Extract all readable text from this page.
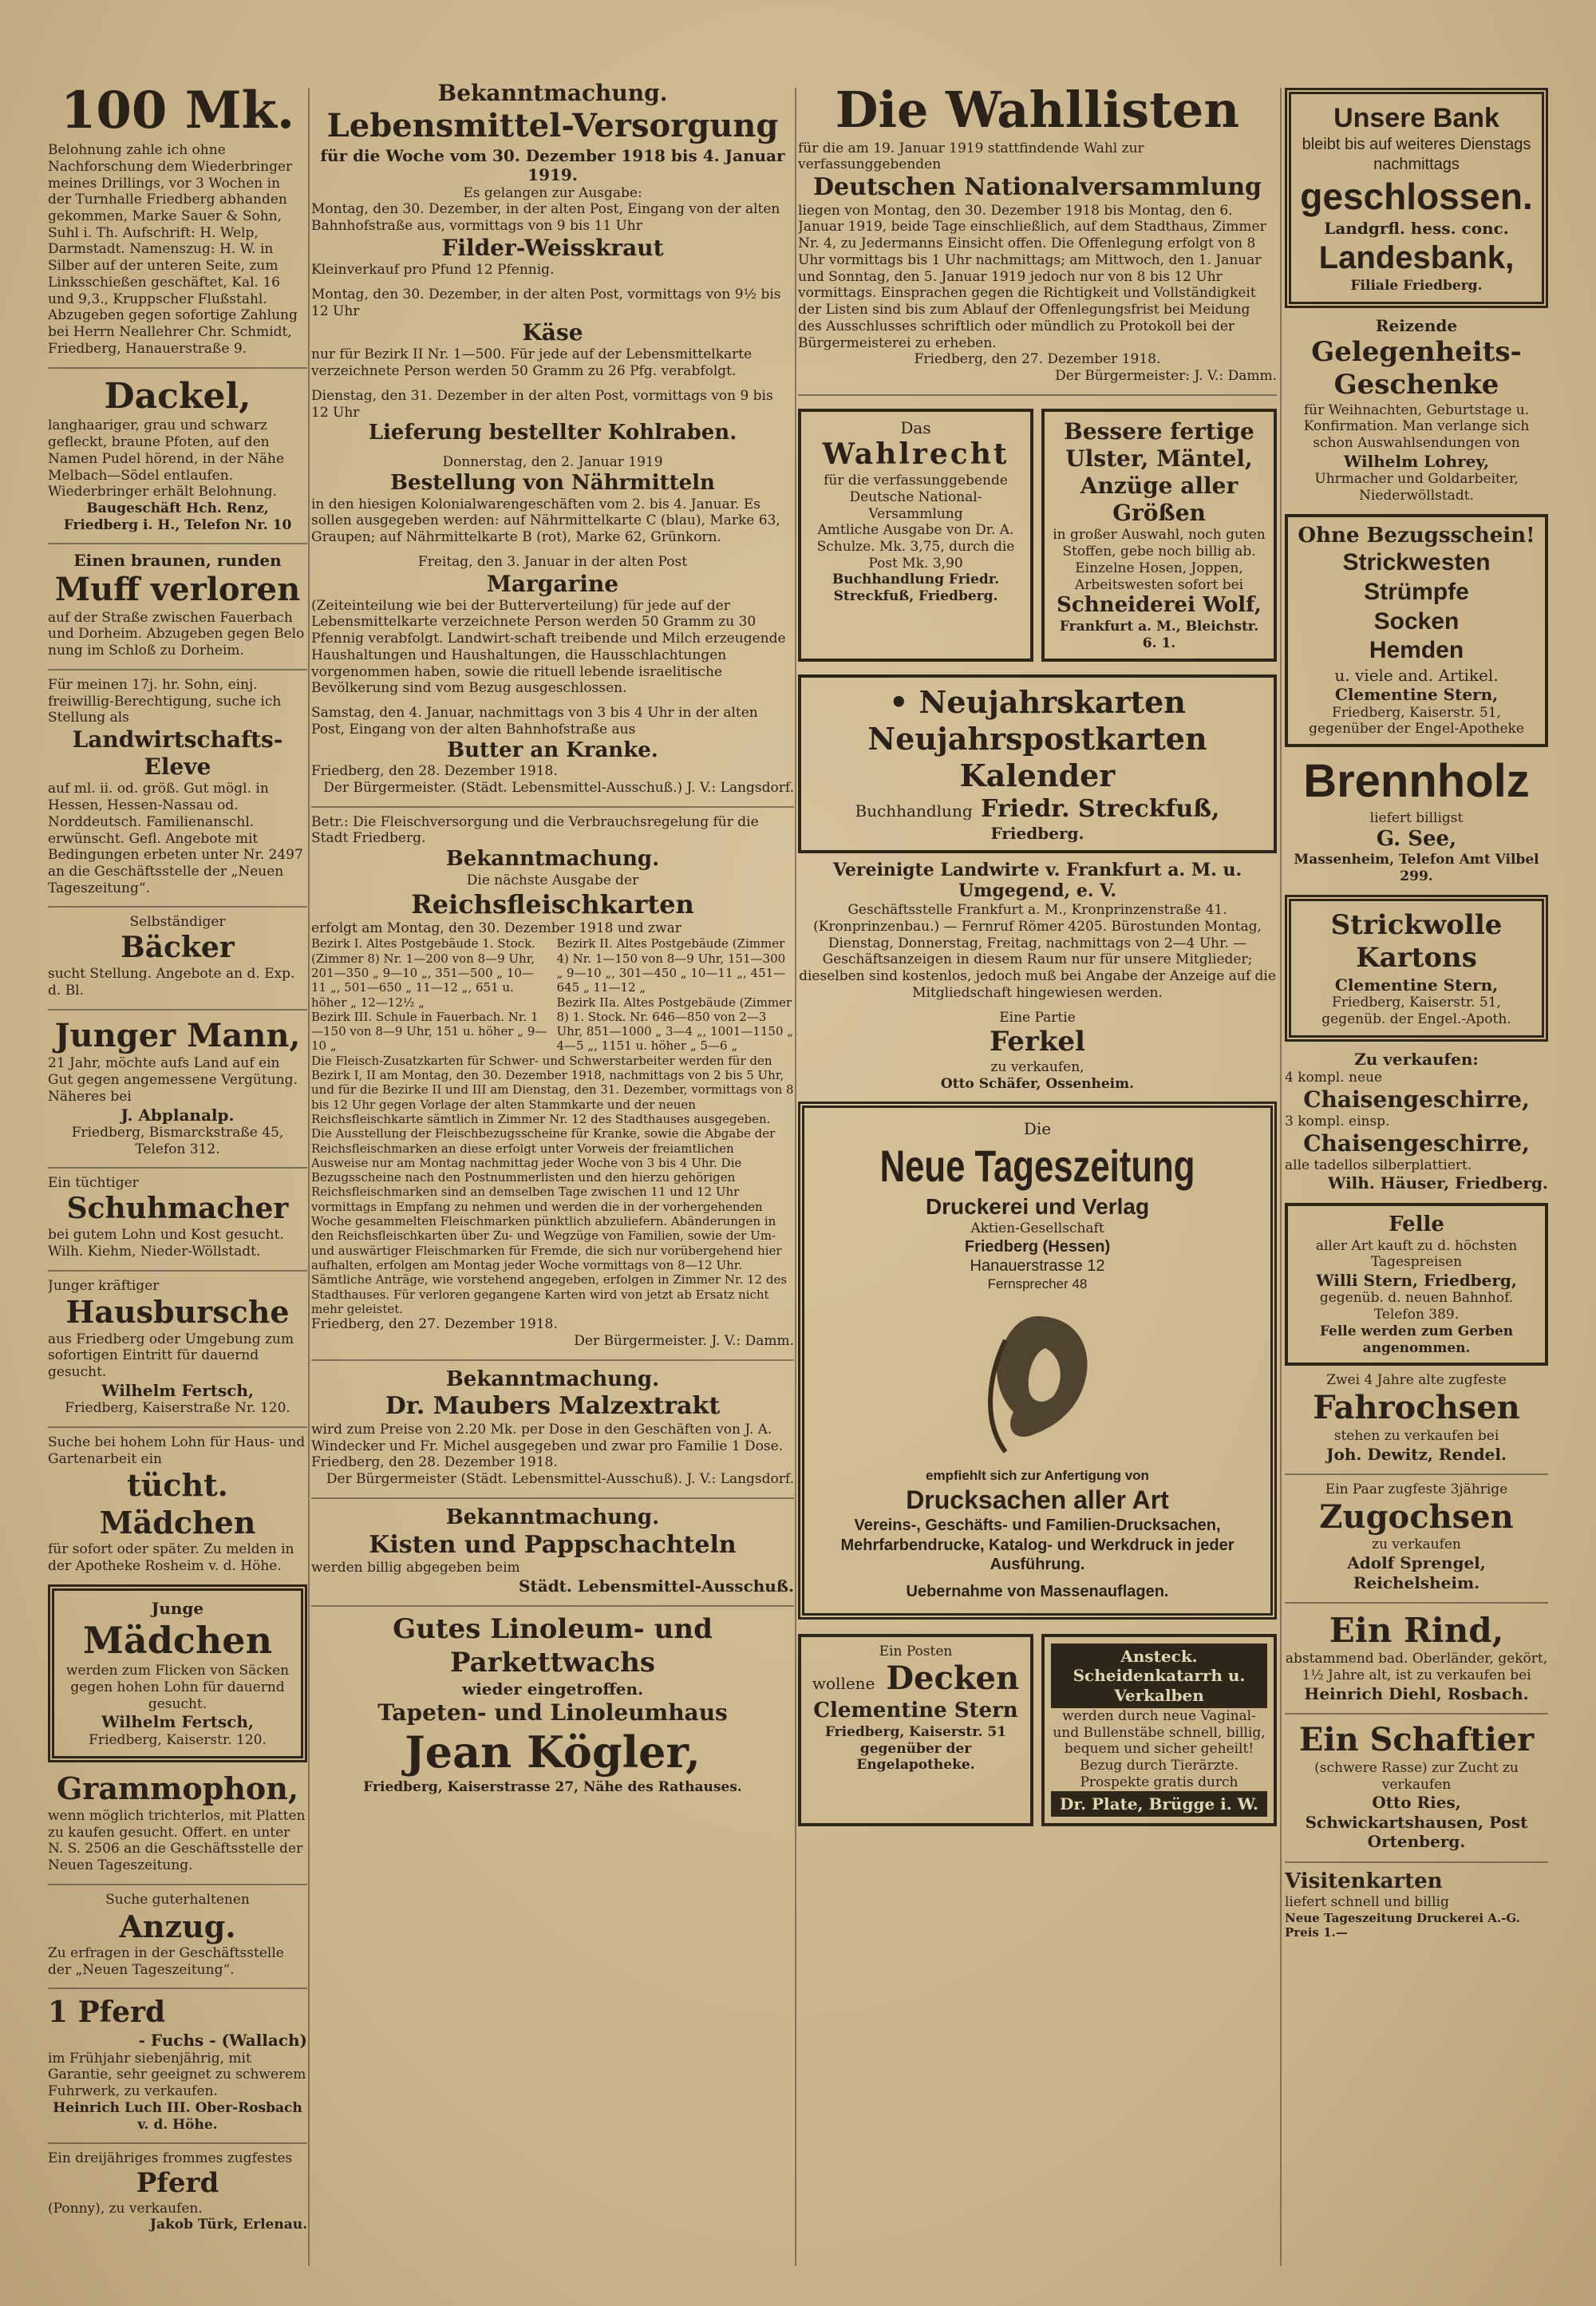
100 Mk.

Belohnung zahle ich ohne Nachforschung dem Wiederbringer meines Drillings, vor 3 Wochen in der Turnhalle Friedberg abhanden gekommen, Marke Sauer & Sohn, Suhl i. Th. Aufschrift: H. Welp, Darmstadt. Namenszug: H. W. in Silber auf der unteren Seite, zum Linksschießen geschäftet, Kal. 16 und 9,3., Kruppscher Flußstahl. Abzugeben gegen sofortige Zahlung bei Herrn Neallehrer Chr. Schmidt, Friedberg, Hanauerstraße 9.

Dackel,

langhaariger, grau und schwarz gefleckt, braune Pfoten, auf den Namen Pudel hörend, in der Nähe Melbach—Södel entlaufen. Wiederbringer erhält Belohnung.

Baugeschäft Hch. Renz, Friedberg i. H., Telefon Nr. 10

Einen braunen, runden

Muff verloren

auf der Straße zwischen Fauerbach und Dorheim. Abzugeben gegen Belo nung im Schloß zu Dorheim.

Für meinen 17j. hr. Sohn, einj. freiwillig-Berechtigung, suche ich Stellung als

Landwirtschafts-Eleve

auf ml. ii. od. größ. Gut mögl. in Hessen, Hessen-Nassau od. Norddeutsch. Familienanschl. erwünscht. Gefl. Angebote mit Bedingungen erbeten unter Nr. 2497 an die Geschäftsstelle der „Neuen Tageszeitung“.

Selbständiger

Bäcker

sucht Stellung. Angebote an d. Exp. d. Bl.

Junger Mann,

21 Jahr, möchte aufs Land auf ein Gut gegen angemessene Vergütung. Näheres bei

J. Abplanalp.

Friedberg, Bismarckstraße 45, Telefon 312.

Ein tüchtiger

Schuhmacher

bei gutem Lohn und Kost gesucht. Wilh. Kiehm, Nieder-Wöllstadt.

Junger kräftiger

Hausbursche

aus Friedberg oder Umgebung zum sofortigen Eintritt für dauernd gesucht.

Wilhelm Fertsch,

Friedberg, Kaiserstraße Nr. 120.

Suche bei hohem Lohn für Haus- und Gartenarbeit ein

tücht. Mädchen

für sofort oder später. Zu melden in der Apotheke Rosheim v. d. Höhe.

Junge

Mädchen

werden zum Flicken von Säcken gegen hohen Lohn für dauernd gesucht.

Wilhelm Fertsch,

Friedberg, Kaiserstr. 120.

Grammophon,

wenn möglich trichterlos, mit Platten zu kaufen gesucht. Offert. en unter N. S. 2506 an die Geschäftsstelle der Neuen Tageszeitung.

Suche guterhaltenen

Anzug.

Zu erfragen in der Geschäftsstelle der „Neuen Tageszeitung“.

1 Pferd

- Fuchs - (Wallach)

im Frühjahr siebenjährig, mit Garantie, sehr geeignet zu schwerem Fuhrwerk, zu verkaufen.

Heinrich Luch III. Ober-Rosbach v. d. Höhe.

Ein dreijähriges frommes zugfestes

Pferd

(Ponny), zu verkaufen.

Jakob Türk, Erlenau.

Bekanntmachung.

Lebensmittel-Versorgung

für die Woche vom 30. Dezember 1918 bis 4. Januar 1919.

Es gelangen zur Ausgabe:

Montag, den 30. Dezember, in der alten Post, Eingang von der alten Bahnhofstraße aus, vormittags von 9 bis 11 Uhr

Filder-Weisskraut

Kleinverkauf pro Pfund 12 Pfennig.

Montag, den 30. Dezember, in der alten Post, vormittags von 9½ bis 12 Uhr

Käse

nur für Bezirk II Nr. 1—500. Für jede auf der Lebensmittelkarte verzeichnete Person werden 50 Gramm zu 26 Pfg. verabfolgt.

Dienstag, den 31. Dezember in der alten Post, vormittags von 9 bis 12 Uhr

Lieferung bestellter Kohlraben.

Donnerstag, den 2. Januar 1919

Bestellung von Nährmitteln

in den hiesigen Kolonialwarengeschäften vom 2. bis 4. Januar. Es sollen ausgegeben werden: auf Nährmittelkarte C (blau), Marke 63, Graupen; auf Nährmittelkarte B (rot), Marke 62, Grünkorn.

Freitag, den 3. Januar in der alten Post

Margarine

(Zeiteinteilung wie bei der Butterverteilung) für jede auf der Lebensmittelkarte verzeichnete Person werden 50 Gramm zu 30 Pfennig verabfolgt. Landwirt-schaft treibende und Milch erzeugende Haushaltungen und Haushaltungen, die Hausschlachtungen vorgenommen haben, sowie die rituell lebende israelitische Bevölkerung sind vom Bezug ausgeschlossen.

Samstag, den 4. Januar, nachmittags von 3 bis 4 Uhr in der alten Post, Eingang von der alten Bahnhofstraße aus

Butter an Kranke.

Friedberg, den 28. Dezember 1918.

Der Bürgermeister. (Städt. Lebensmittel-Ausschuß.) J. V.: Langsdorf.

Betr.: Die Fleischversorgung und die Verbrauchsregelung für die Stadt Friedberg.

Bekanntmachung.

Die nächste Ausgabe der

Reichsfleischkarten

erfolgt am Montag, den 30. Dezember 1918 und zwar

Bezirk I. Altes Postgebäude 1. Stock. (Zimmer 8) Nr. 1—200 von 8—9 Uhr, 201—350 „ 9—10 „, 351—500 „ 10—11 „, 501—650 „ 11—12 „, 651 u. höher „ 12—12½ „

Bezirk III. Schule in Fauerbach. Nr. 1—150 von 8—9 Uhr, 151 u. höher „ 9—10 „

Bezirk II. Altes Postgebäude (Zimmer 4) Nr. 1—150 von 8—9 Uhr, 151—300 „ 9—10 „, 301—450 „ 10—11 „, 451—645 „ 11—12 „

Bezirk IIa. Altes Postgebäude (Zimmer 8) 1. Stock. Nr. 646—850 von 2—3 Uhr, 851—1000 „ 3—4 „, 1001—1150 „ 4—5 „, 1151 u. höher „ 5—6 „

Die Fleisch-Zusatzkarten für Schwer- und Schwerstarbeiter werden für den Bezirk I, II am Montag, den 30. Dezember 1918, nachmittags von 2 bis 5 Uhr, und für die Bezirke II und III am Dienstag, den 31. Dezember, vormittags von 8 bis 12 Uhr gegen Vorlage der alten Stammkarte und der neuen Reichsfleischkarte sämtlich in Zimmer Nr. 12 des Stadthauses ausgegeben. Die Ausstellung der Fleischbezugsscheine für Kranke, sowie die Abgabe der Reichsfleischmarken an diese erfolgt unter Vorweis der freiamtlichen Ausweise nur am Montag nachmittag jeder Woche von 3 bis 4 Uhr. Die Bezugsscheine nach den Postnummerlisten und den hierzu gehörigen Reichsfleischmarken sind an demselben Tage zwischen 11 und 12 Uhr vormittags in Empfang zu nehmen und werden die in der vorhergehenden Woche gesammelten Fleischmarken pünktlich abzuliefern. Abänderungen in den Reichsfleischkarten über Zu- und Wegzüge von Familien, sowie der Um- und auswärtiger Fleischmarken für Fremde, die sich nur vorübergehend hier aufhalten, erfolgen am Montag jeder Woche vormittags von 8—12 Uhr. Sämtliche Anträge, wie vorstehend angegeben, erfolgen in Zimmer Nr. 12 des Stadthauses. Für verloren gegangene Karten wird von jetzt ab Ersatz nicht mehr geleistet.

Friedberg, den 27. Dezember 1918.

Der Bürgermeister. J. V.: Damm.

Bekanntmachung.

Dr. Maubers Malzextrakt

wird zum Preise von 2.20 Mk. per Dose in den Geschäften von J. A. Windecker und Fr. Michel ausgegeben und zwar pro Familie 1 Dose.

Friedberg, den 28. Dezember 1918.

Der Bürgermeister (Städt. Lebensmittel-Ausschuß). J. V.: Langsdorf.

Bekanntmachung.

Kisten und Pappschachteln

werden billig abgegeben beim

Städt. Lebensmittel-Ausschuß.

Gutes Linoleum- und Parkettwachs

wieder eingetroffen.

Tapeten- und Linoleumhaus

Jean Kögler,

Friedberg, Kaiserstrasse 27, Nähe des Rathauses.

Die Wahllisten

für die am 19. Januar 1919 stattfindende Wahl zur verfassunggebenden

Deutschen Nationalversammlung

liegen von Montag, den 30. Dezember 1918 bis Montag, den 6. Januar 1919, beide Tage einschließlich, auf dem Stadthaus, Zimmer Nr. 4, zu Jedermanns Einsicht offen. Die Offenlegung erfolgt von 8 Uhr vormittags bis 1 Uhr nachmittags; am Mittwoch, den 1. Januar und Sonntag, den 5. Januar 1919 jedoch nur von 8 bis 12 Uhr vormittags. Einsprachen gegen die Richtigkeit und Vollständigkeit der Listen sind bis zum Ablauf der Offenlegungsfrist bei Meidung des Ausschlusses schriftlich oder mündlich zu Protokoll bei der Bürgermeisterei zu erheben.

Friedberg, den 27. Dezember 1918.

Der Bürgermeister: J. V.: Damm.

Das

Wahlrecht

für die verfassunggebende Deutsche National-Versammlung

Amtliche Ausgabe von Dr. A. Schulze. Mk. 3,75, durch die Post Mk. 3,90

Buchhandlung Friedr. Streckfuß, Friedberg.

Bessere fertige Ulster, Mäntel, Anzüge aller Größen

in großer Auswahl, noch guten Stoffen, gebe noch billig ab. Einzelne Hosen, Joppen, Arbeitswesten sofort bei

Schneiderei Wolf,

Frankfurt a. M., Bleichstr. 6. 1.

• Neujahrskarten

Neujahrspostkarten

Kalender

Buchhandlung Friedr. Streckfuß,

Friedberg.

Vereinigte Landwirte v. Frankfurt a. M. u. Umgegend, e. V.

Geschäftsstelle Frankfurt a. M., Kronprinzenstraße 41. (Kronprinzenbau.) — Fernruf Römer 4205. Bürostunden Montag, Dienstag, Donnerstag, Freitag, nachmittags von 2—4 Uhr. — Geschäftsanzeigen in diesem Raum nur für unsere Mitglieder; dieselben sind kostenlos, jedoch muß bei Angabe der Anzeige auf die Mitgliedschaft hingewiesen werden.

Eine Partie

Ferkel

zu verkaufen,

Otto Schäfer, Ossenheim.

Die

Neue Tageszeitung

Druckerei und Verlag

Aktien-Gesellschaft

Friedberg (Hessen)

Hanauerstrasse 12

Fernsprecher 48

empfiehlt sich zur Anfertigung von

Drucksachen aller Art

Vereins-, Geschäfts- und Familien-Drucksachen, Mehrfarbendrucke, Katalog- und Werkdruck in jeder Ausführung.

Uebernahme von Massenauflagen.

Ein Posten

wollene Decken

Clementine Stern

Friedberg, Kaiserstr. 51 gegenüber der Engelapotheke.

Ansteck. Scheidenkatarrh u. Verkalben

werden durch neue Vaginal- und Bullenstäbe schnell, billig, bequem und sicher geheilt! Bezug durch Tierärzte. Prospekte gratis durch

Dr. Plate, Brügge i. W.

Unsere Bank

bleibt bis auf weiteres Dienstags nachmittags

geschlossen.

Landgrfl. hess. conc.

Landesbank,

Filiale Friedberg.

Reizende

Gelegenheits-Geschenke

für Weihnachten, Geburtstage u. Konfirmation. Man verlange sich schon Auswahlsendungen von

Wilhelm Lohrey,

Uhrmacher und Goldarbeiter, Niederwöllstadt.

Ohne Bezugsschein!

Strickwesten

Strümpfe

Socken

Hemden

u. viele and. Artikel.

Clementine Stern,

Friedberg, Kaiserstr. 51, gegenüber der Engel-Apotheke

Brennholz

liefert billigst

G. See,

Massenheim, Telefon Amt Vilbel 299.

Strickwolle Kartons

Clementine Stern,

Friedberg, Kaiserstr. 51, gegenüb. der Engel.-Apoth.

Zu verkaufen:

4 kompl. neue

Chaisengeschirre,

3 kompl. einsp.

Chaisengeschirre,

alle tadellos silberplattiert.

Wilh. Häuser, Friedberg.

Felle

aller Art kauft zu d. höchsten Tagespreisen

Willi Stern, Friedberg,

gegenüb. d. neuen Bahnhof. Telefon 389.

Felle werden zum Gerben angenommen.

Zwei 4 Jahre alte zugfeste

Fahrochsen

stehen zu verkaufen bei

Joh. Dewitz, Rendel.

Ein Paar zugfeste 3jährige

Zugochsen

zu verkaufen

Adolf Sprengel, Reichelsheim.

Ein Rind,

abstammend bad. Oberländer, gekört, 1½ Jahre alt, ist zu verkaufen bei

Heinrich Diehl, Rosbach.

Ein Schaftier

(schwere Rasse) zur Zucht zu verkaufen

Otto Ries, Schwickartshausen, Post Ortenberg.

Visitenkarten

liefert schnell und billig

Neue Tageszeitung Druckerei A.-G. Preis 1.—
